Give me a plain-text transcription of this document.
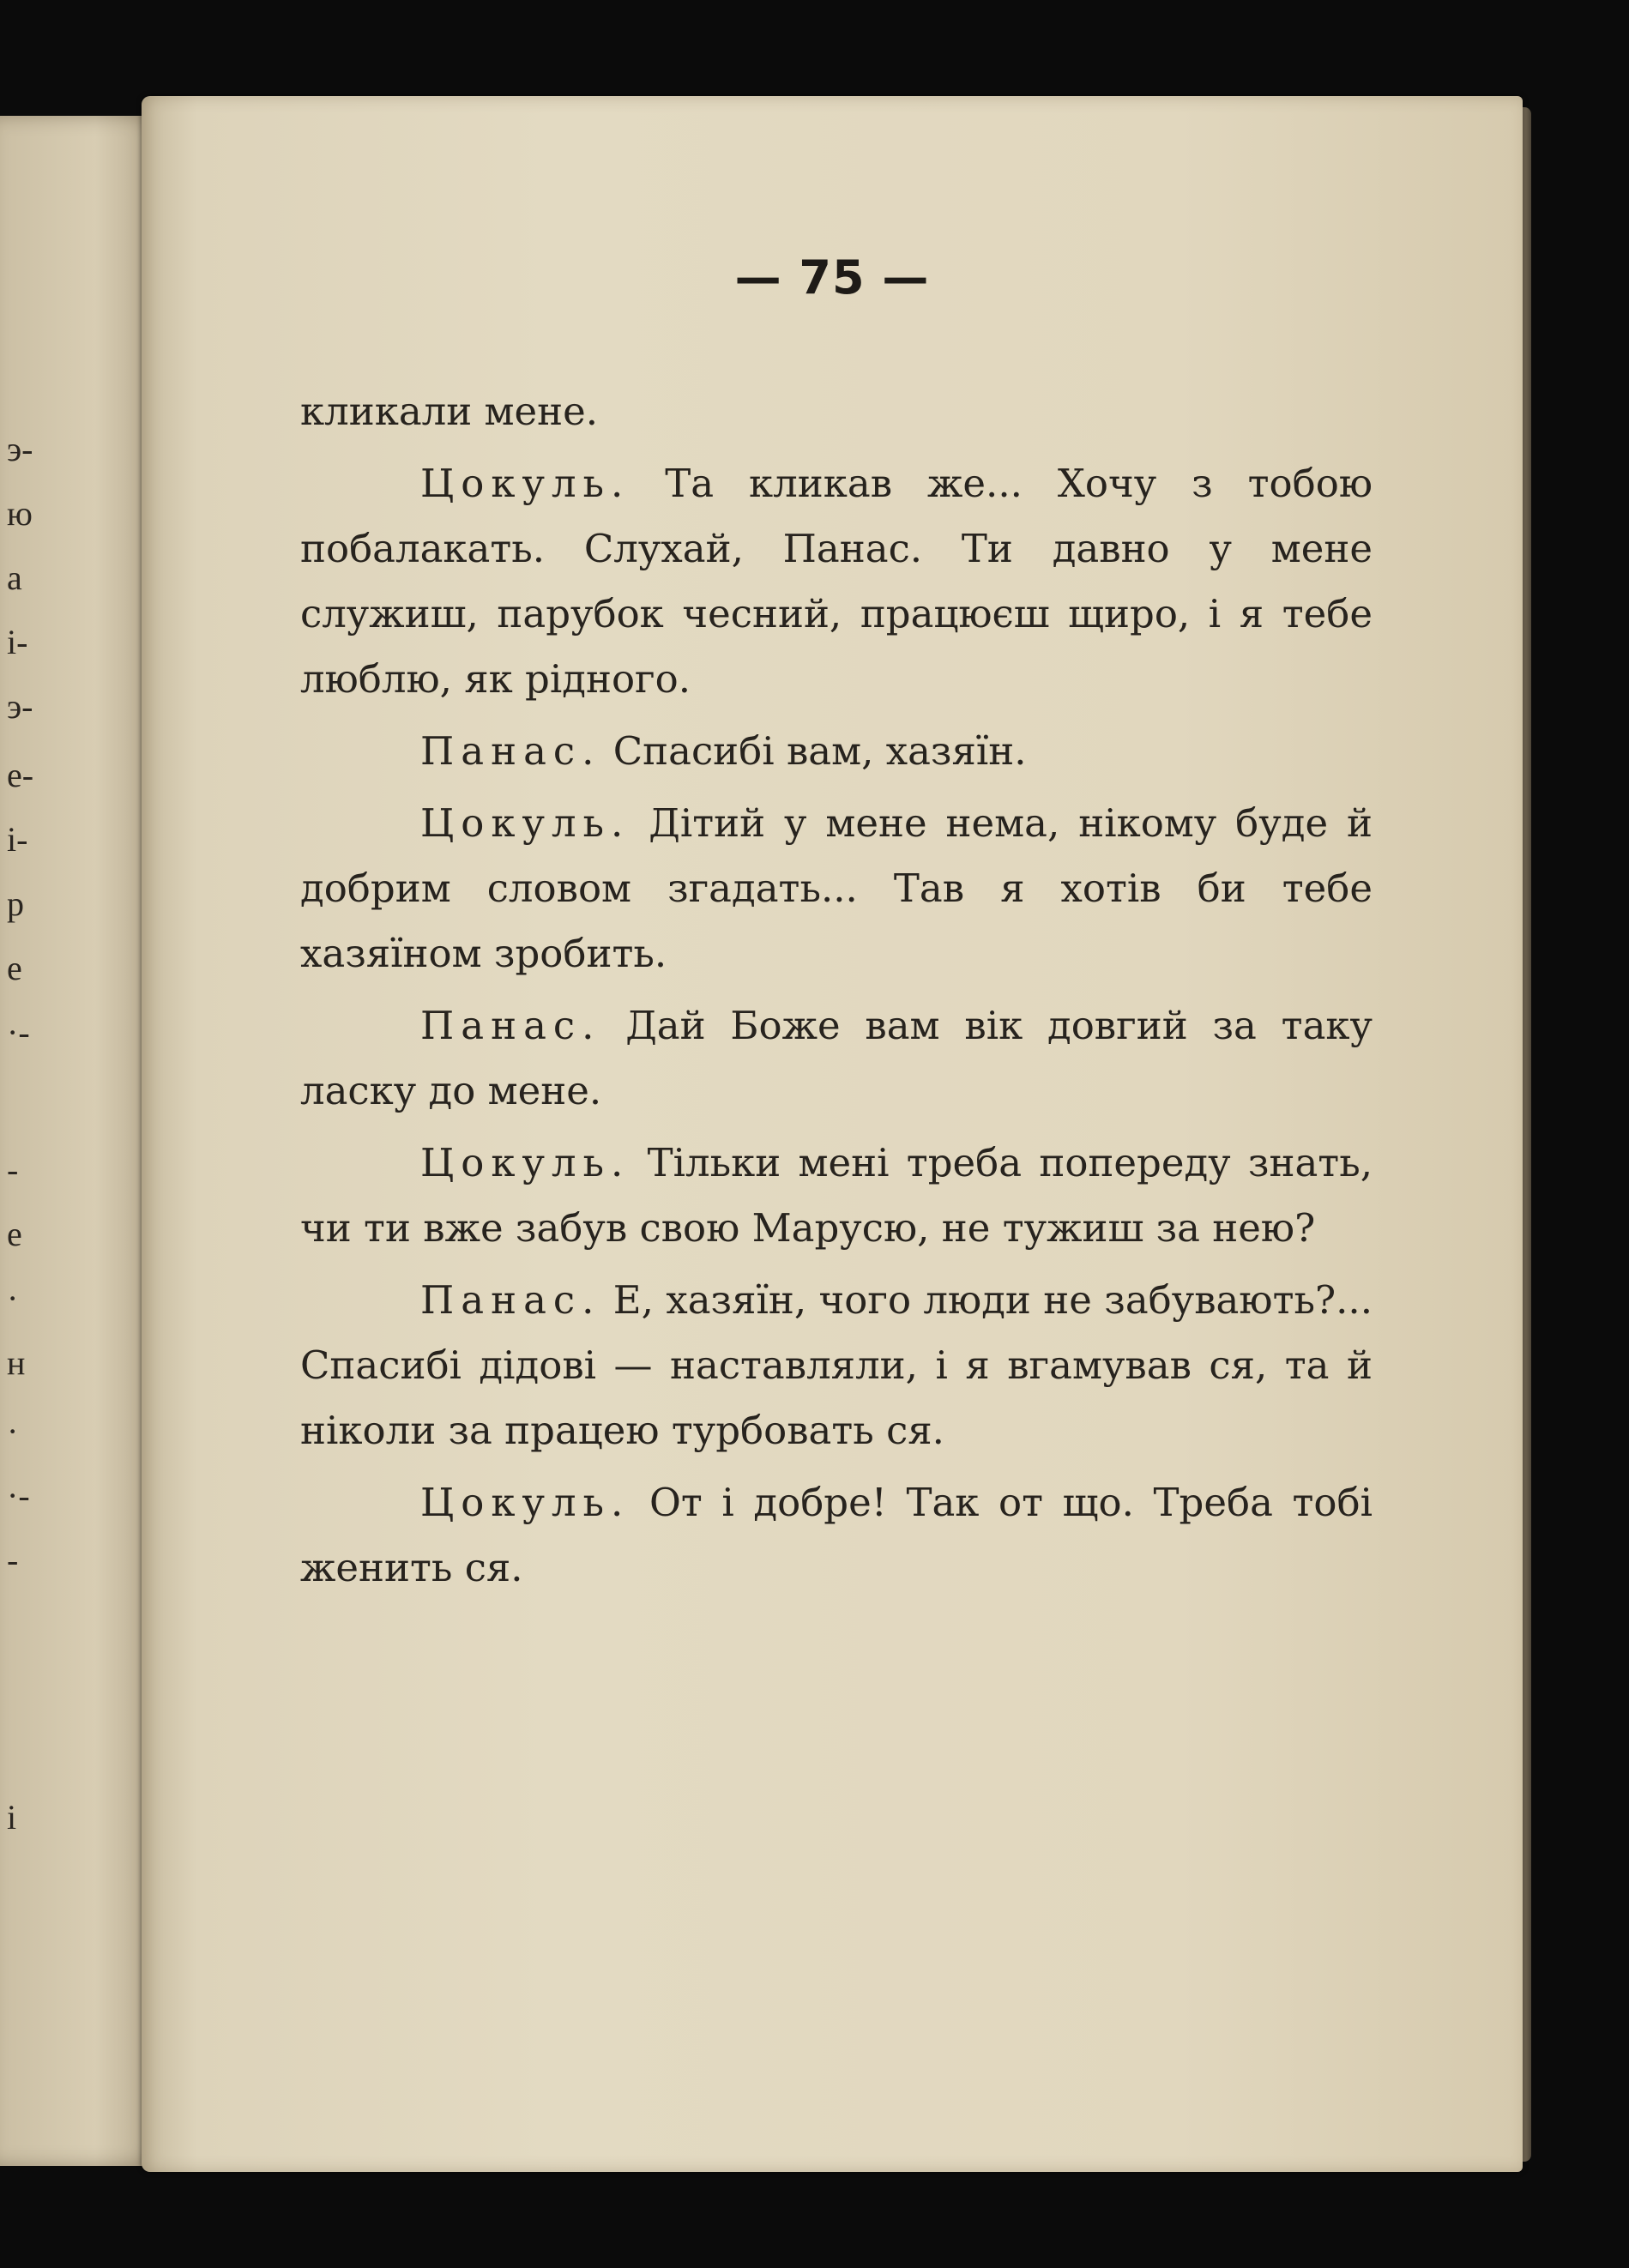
э-
ю
а
і-
э-
е-
і-
р
е
·-
-
е
·
н
·
·-
-
і
— 75 —

кликали мене.

Цокуль. Та кликав же... Хочу з тобою побалакать. Слухай, Панас. Ти давно у мене служиш, парубок чесний, працюєш щиро, і я тебе люблю, як рідного.

Панас. Спасибі вам, хазяїн.

Цокуль. Дітий у мене нема, нікому буде й добрим словом згадать... Тав я хотів би тебе хазяїном зробить.

Панас. Дай Боже вам вік довгий за таку ласку до мене.

Цокуль. Тільки мені треба попереду знать, чи ти вже забув свою Марусю, не тужиш за нею?

Панас. Е, хазяїн, чого люди не забувають?... Спасибі дідові — наставляли, і я вгамував ся, та й ніколи за працею турбовать ся.

Цокуль. От і добре! Так от що. Треба тобі женить ся.
